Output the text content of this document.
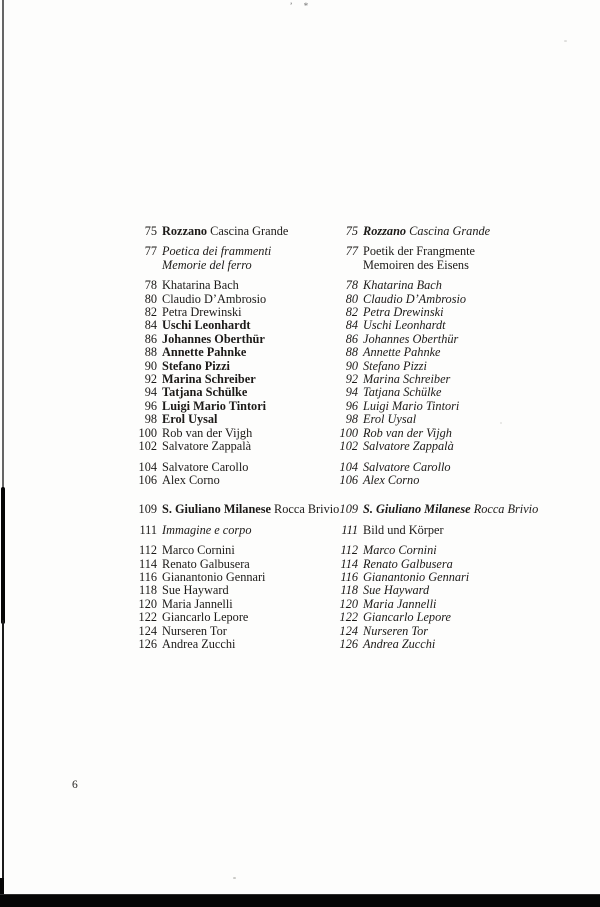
’ *
75 Rozzano Cascina Grande
77 Poetica dei frammenti
Memorie del ferro
78 Khatarina Bach
80 Claudio D’Ambrosio
82 Petra Drewinski
84 Uschi Leonhardt
86 Johannes Oberthür
88 Annette Pahnke
90 Stefano Pizzi
92 Marina Schreiber
94 Tatjana Schülke
96 Luigi Mario Tintori
98 Erol Uysal
100 Rob van der Vijgh
102 Salvatore Zappalà
104 Salvatore Carollo
106 Alex Corno
109 S. Giuliano Milanese Rocca Brivio
111 Immagine e corpo
112 Marco Cornini
114 Renato Galbusera
116 Gianantonio Gennari
118 Sue Hayward
120 Maria Jannelli
122 Giancarlo Lepore
124 Nurseren Tor
126 Andrea Zucchi
75 Rozzano Cascina Grande
77 Poetik der Frangmente
Memoiren des Eisens
78 Khatarina Bach
80 Claudio D’Ambrosio
82 Petra Drewinski
84 Uschi Leonhardt
86 Johannes Oberthür
88 Annette Pahnke
90 Stefano Pizzi
92 Marina Schreiber
94 Tatjana Schülke
96 Luigi Mario Tintori
98 Erol Uysal
100 Rob van der Vijgh
102 Salvatore Zappalà
104 Salvatore Carollo
106 Alex Corno
109 S. Giuliano Milanese Rocca Brivio
111 Bild und Körper
112 Marco Cornini
114 Renato Galbusera
116 Gianantonio Gennari
118 Sue Hayward
120 Maria Jannelli
122 Giancarlo Lepore
124 Nurseren Tor
126 Andrea Zucchi
6
